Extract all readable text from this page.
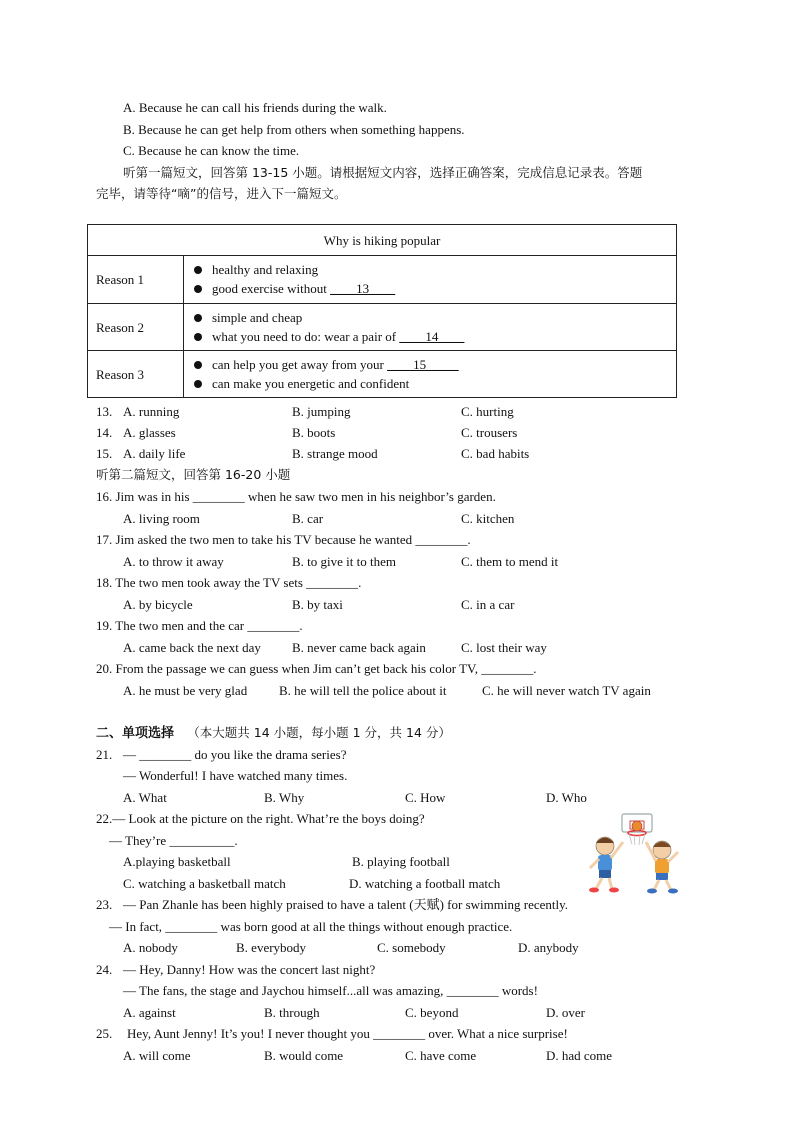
A. Because he can call his friends during the walk.
B. Because he can get help from others when something happens.
C. Because he can know the time.
听第一篇短文，回答第 13-15 小题。请根据短文内容，选择正确答案，完成信息记录表。答题
完毕，请等待“嘀”的信号，进入下一篇短文。
Why is hiking popular
Reason 1
healthy and relaxing
good exercise without ____13____
Reason 2
simple and cheap
what you need to do: wear a pair of ____14____
Reason 3
can help you get away from your ____15_____
can make you energetic and confident
13. A. running	B. jumping	C. hurting
14. A. glasses	B. boots	C. trousers
15. A. daily life	B. strange mood	C. bad habits
听第二篇短文，回答第 16-20 小题
16. Jim was in his ________ when he saw two men in his neighbor’s garden.
A. living room	B. car	C. kitchen
17. Jim asked the two men to take his TV because he wanted ________.
A. to throw it away	B. to give it to them	C. them to mend it
18. The two men took away the TV sets ________.
A. by bicycle	B. by taxi	C. in a car
19. The two men and the car ________.
A. came back the next day B. never came back again	C. lost their way
20. From the passage we can guess when Jim can’t get back his color TV, ________.
A. he must be very glad B. he will tell the police about it	C. he will never watch TV again
二、单项选择 （本大题共 14 小题，每小题 1 分，共 14 分）
21. — ________ do you like the drama series?
— Wonderful! I have watched many times.
A. What	B. Why	C. How	D. Who
22.— Look at the picture on the right. What’re the boys doing?
— They’re __________.
A.playing basketball	B. playing football
C. watching a basketball match	D. watching a football match
23. — Pan Zhanle has been highly praised to have a talent (天赋) for swimming recently.
— In fact, ________ was born good at all the things without enough practice.
A. nobody	B. everybody	C. somebody	D. anybody
24. — Hey, Danny! How was the concert last night?
— The fans, the stage and Jaychou himself...all was amazing, ________ words!
A. against	B. through	C. beyond	D. over
25. Hey, Aunt Jenny! It’s you! I never thought you ________ over. What a nice surprise!
A. will come	B. would come	C. have come	D. had come
